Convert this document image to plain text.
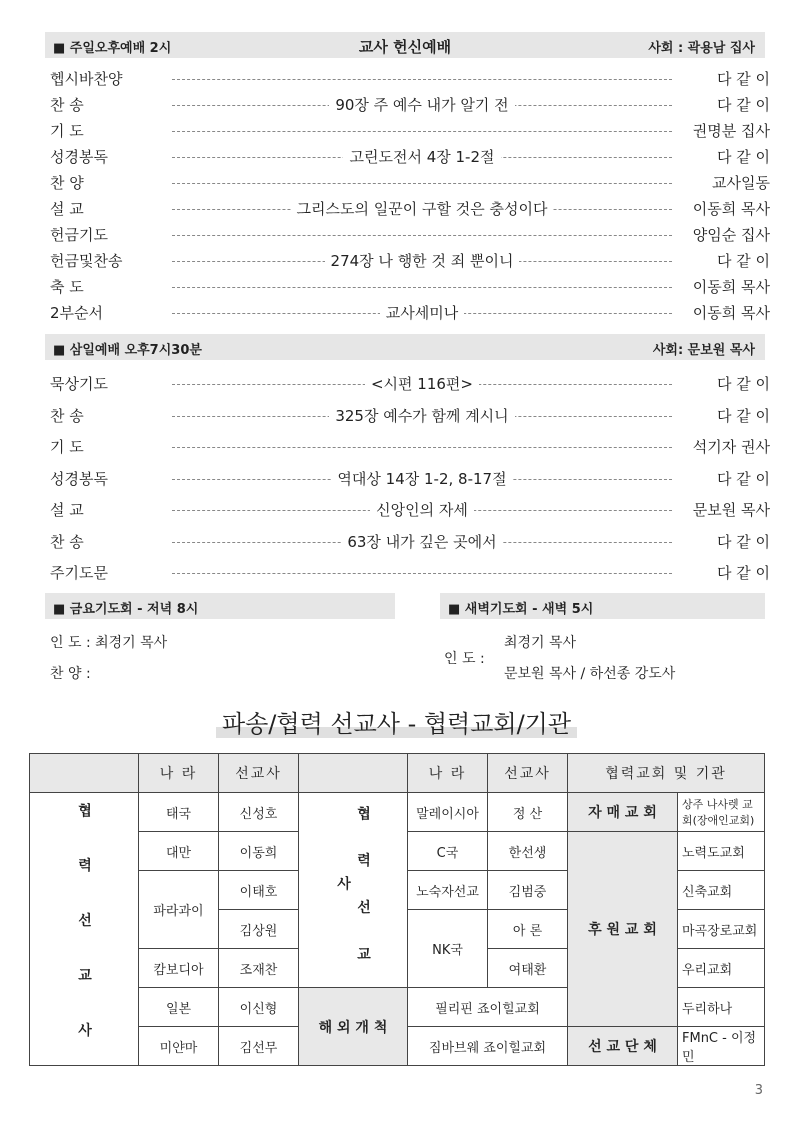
■ 주일오후예배 2시	교사 헌신예배	사회 : 곽용남 집사
헵시바찬양	다 같 이
찬 송	90장 주 예수 내가 알기 전	다 같 이
기 도	권명분 집사
성경봉독	고린도전서 4장 1-2절	다 같 이
찬 양	교사일동
설 교	그리스도의 일꾼이 구할 것은 충성이다	이동희 목사
헌금기도	양임순 집사
헌금및찬송	274장 나 행한 것 죄 뿐이니	다 같 이
축 도	이동희 목사
2부순서	교사세미나	이동희 목사
■ 삼일예배 오후7시30분	사회: 문보원 목사
묵상기도	<시편 116편>	다 같 이
찬 송	325장 예수가 함께 계시니	다 같 이
기 도	석기자 권사
성경봉독	역대상 14장 1-2, 8-17절	다 같 이
설 교	신앙인의 자세	문보원 목사
찬 송	63장 내가 깊은 곳에서	다 같 이
주기도문	다 같 이
■ 금요기도회 - 저녁 8시	■ 새벽기도회 - 새벽 5시
인 도 : 최경기 목사
찬 양 :
인 도 :
최경기 목사
문보원 목사 / 하선종 강도사
파송/협력 선교사 - 협력교회/기관
	나 라	선교사		나 라	선교사	협력교회 및 기관	
협 력 선 교 사	태국	신성호	협 력 선 교 사	말레이시아	정 산	자 매 교 회	상주 나사렛 교회(장애인교회)
	대만	이동희		C국	한선생	후 원 교 회	노력도교회
	파라과이	이태호		노숙자선교	김범중		신축교회
		김상원		NK국	아 론		마곡장로교회
	캄보디아	조재찬			여태환		우리교회
	일본	이신형	해 외 개 척	필리핀 죠이힐교회			두리하나
	미얀마	김선무		짐바브웨 죠이힐교회		선 교 단 체	FMnC - 이정민
3
